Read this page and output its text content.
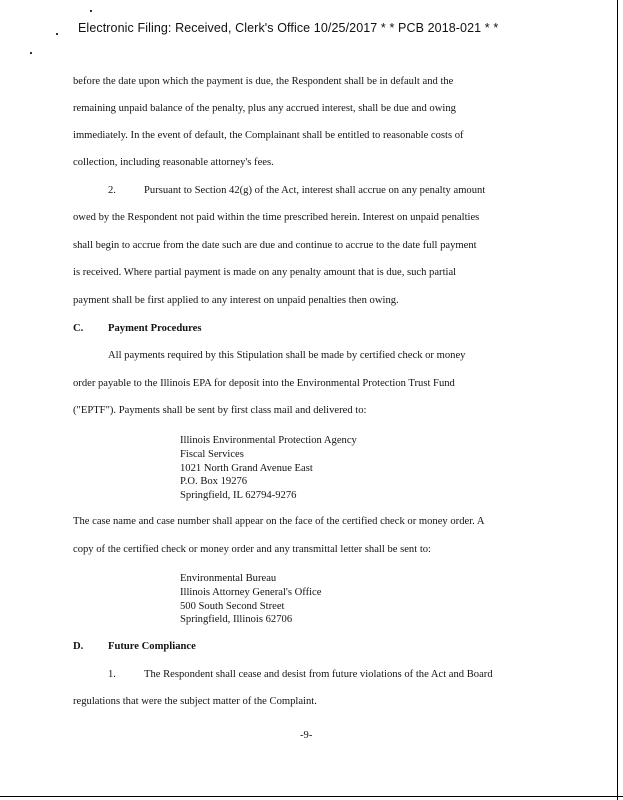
Electronic Filing: Received, Clerk's Office 10/25/2017 * * PCB 2018-021 * *
before the date upon which the payment is due, the Respondent shall be in default and the
remaining unpaid balance of the penalty, plus any accrued interest, shall be due and owing
immediately. In the event of default, the Complainant shall be entitled to reasonable costs of
collection, including reasonable attorney's fees.
2.	Pursuant to Section 42(g) of the Act, interest shall accrue on any penalty amount
owed by the Respondent not paid within the time prescribed herein. Interest on unpaid penalties
shall begin to accrue from the date such are due and continue to accrue to the date full payment
is received. Where partial payment is made on any penalty amount that is due, such partial
payment shall be first applied to any interest on unpaid penalties then owing.
C. Payment Procedures
All payments required by this Stipulation shall be made by certified check or money
order payable to the Illinois EPA for deposit into the Environmental Protection Trust Fund
("EPTF"). Payments shall be sent by first class mail and delivered to:
Illinois Environmental Protection Agency
Fiscal Services
1021 North Grand Avenue East
P.O. Box 19276
Springfield, IL 62794-9276
The case name and case number shall appear on the face of the certified check or money order. A
copy of the certified check or money order and any transmittal letter shall be sent to:
Environmental Bureau
Illinois Attorney General's Office
500 South Second Street
Springfield, Illinois 62706
D. Future Compliance
1.	The Respondent shall cease and desist from future violations of the Act and Board
regulations that were the subject matter of the Complaint.
-9-
